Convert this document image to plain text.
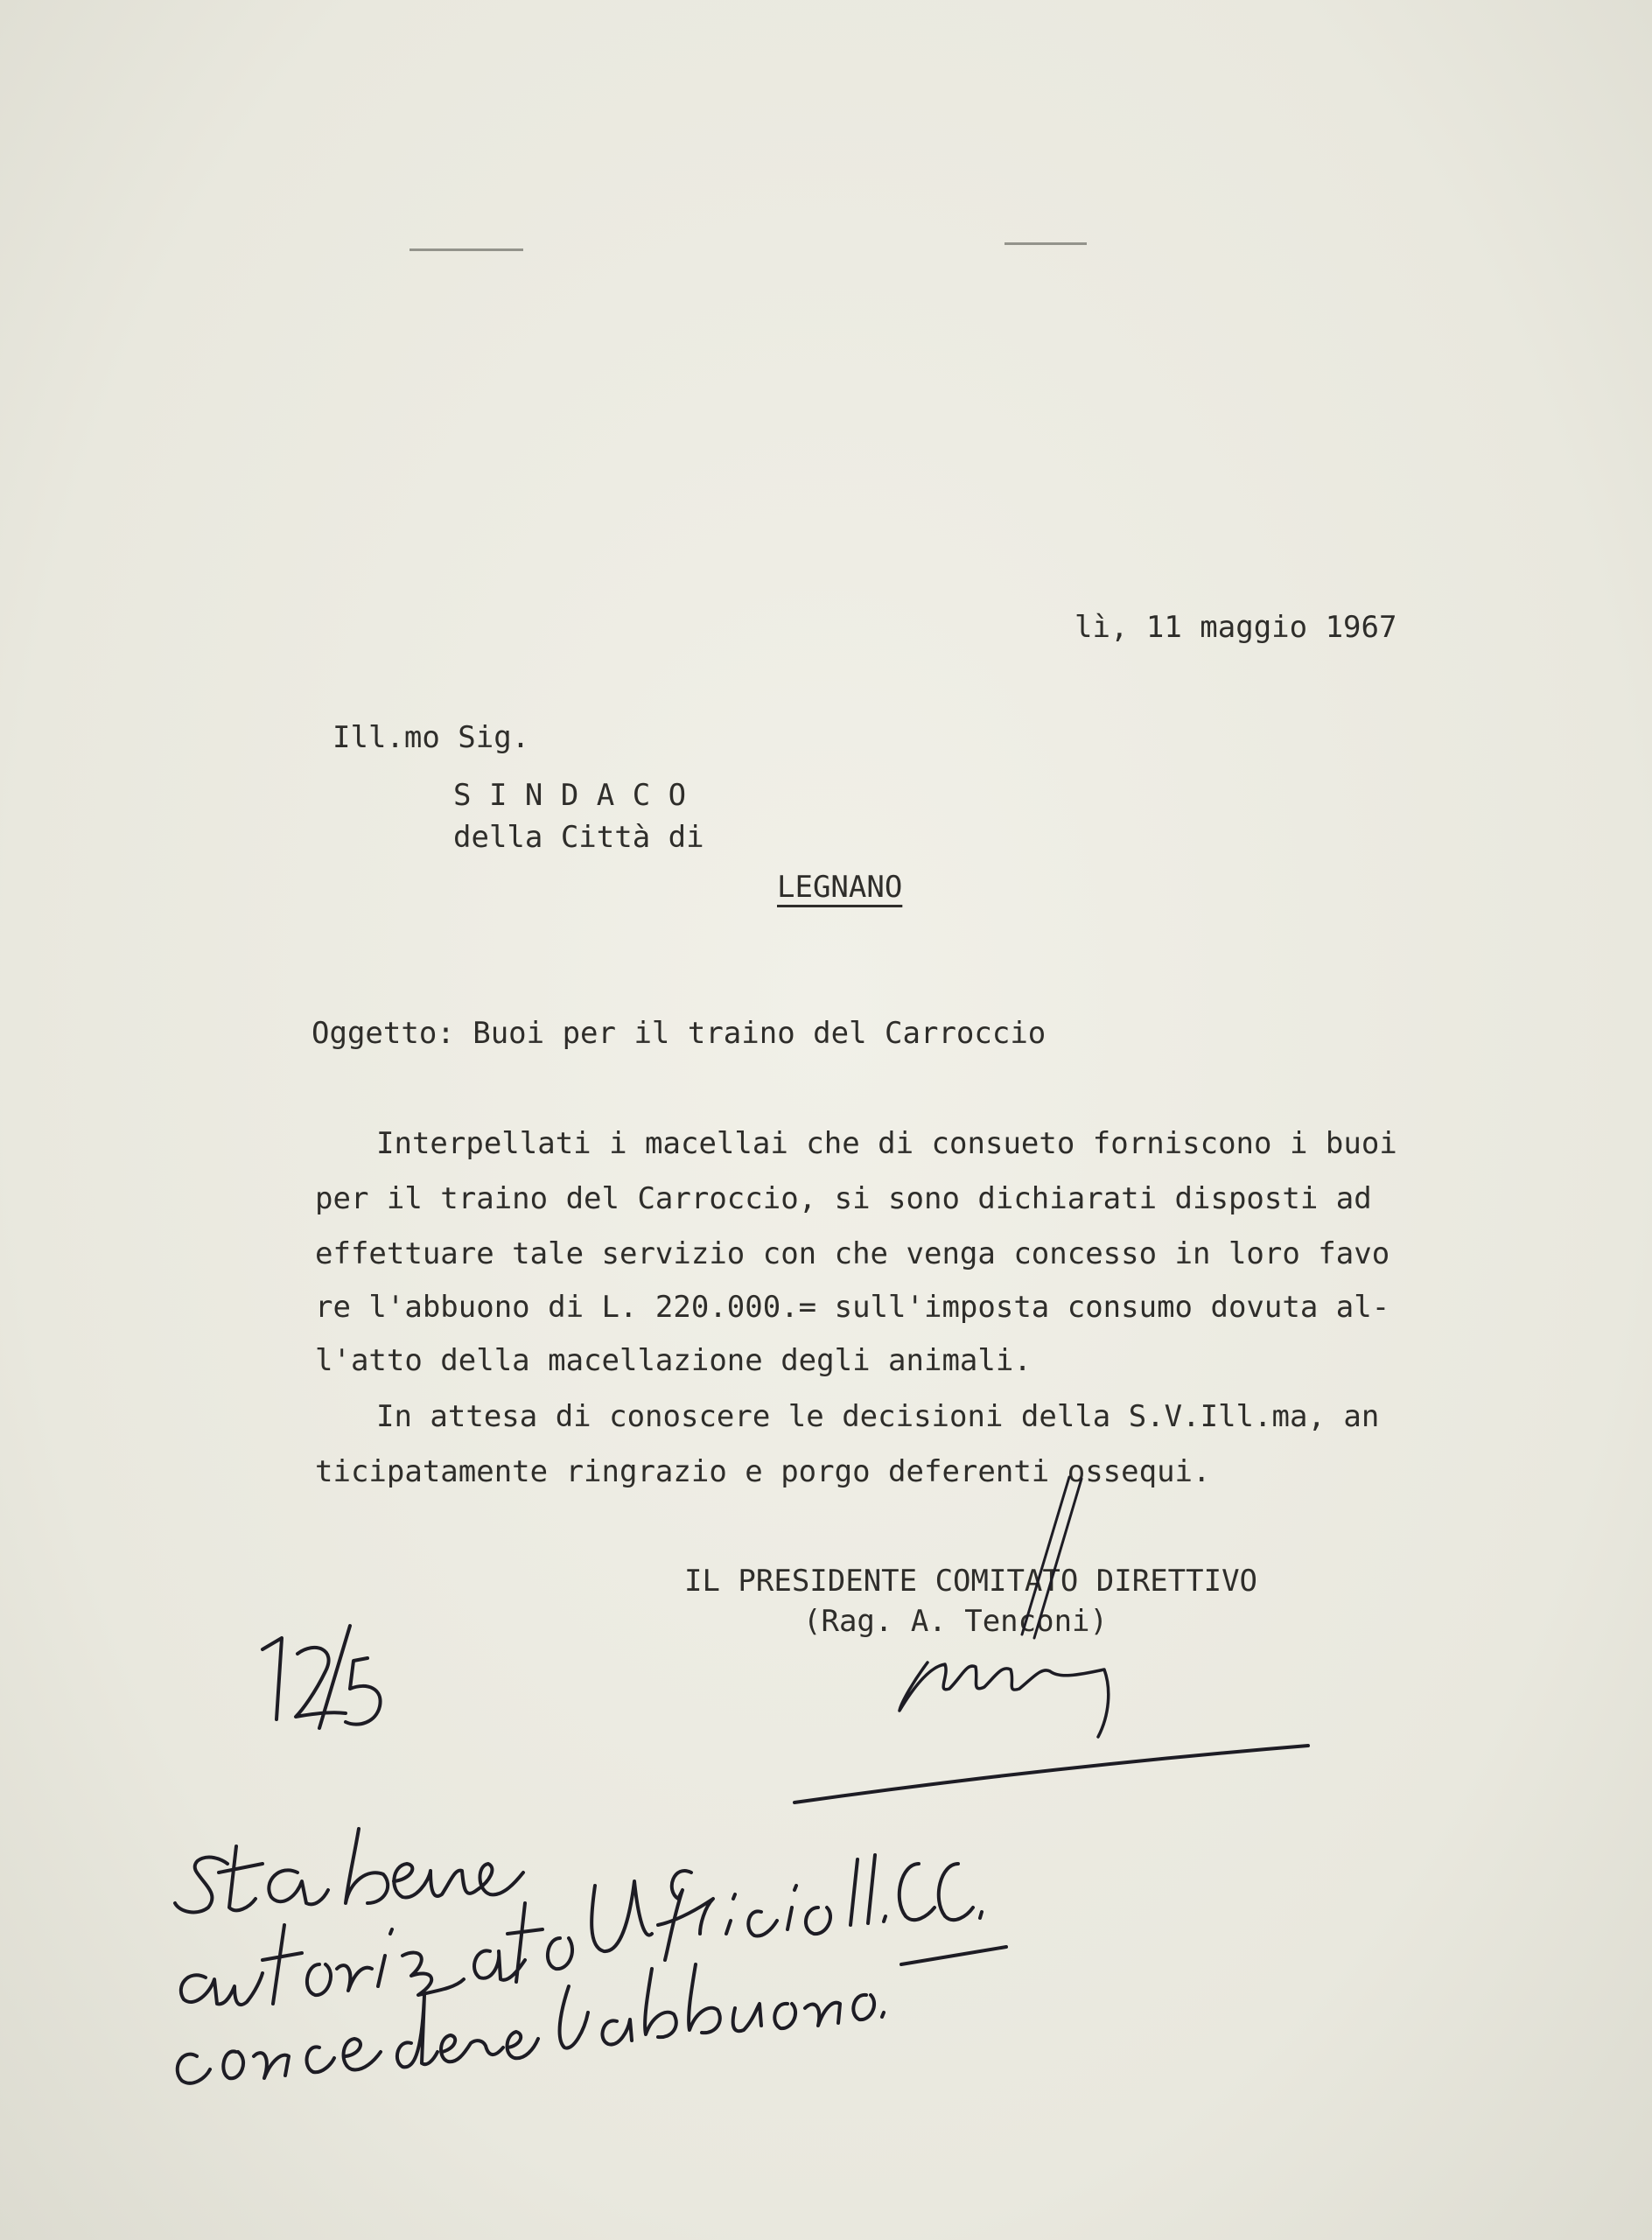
lì, 11 maggio 1967
Ill.mo Sig.
S I N D A C O
della Città di
LEGNANO
Oggetto: Buoi per il traino del Carroccio
Interpellati i macellai che di consueto forniscono i buoi
per il traino del Carroccio, si sono dichiarati disposti ad
effettuare tale servizio con che venga concesso in loro favo
re l'abbuono di L. 220.000.= sull'imposta consumo dovuta al-
l'atto della macellazione degli animali.
In attesa di conoscere le decisioni della S.V.Ill.ma, an
ticipatamente ringrazio e porgo deferenti ossequi.
IL PRESIDENTE COMITATO DIRETTIVO
(Rag. A. Tenconi)
